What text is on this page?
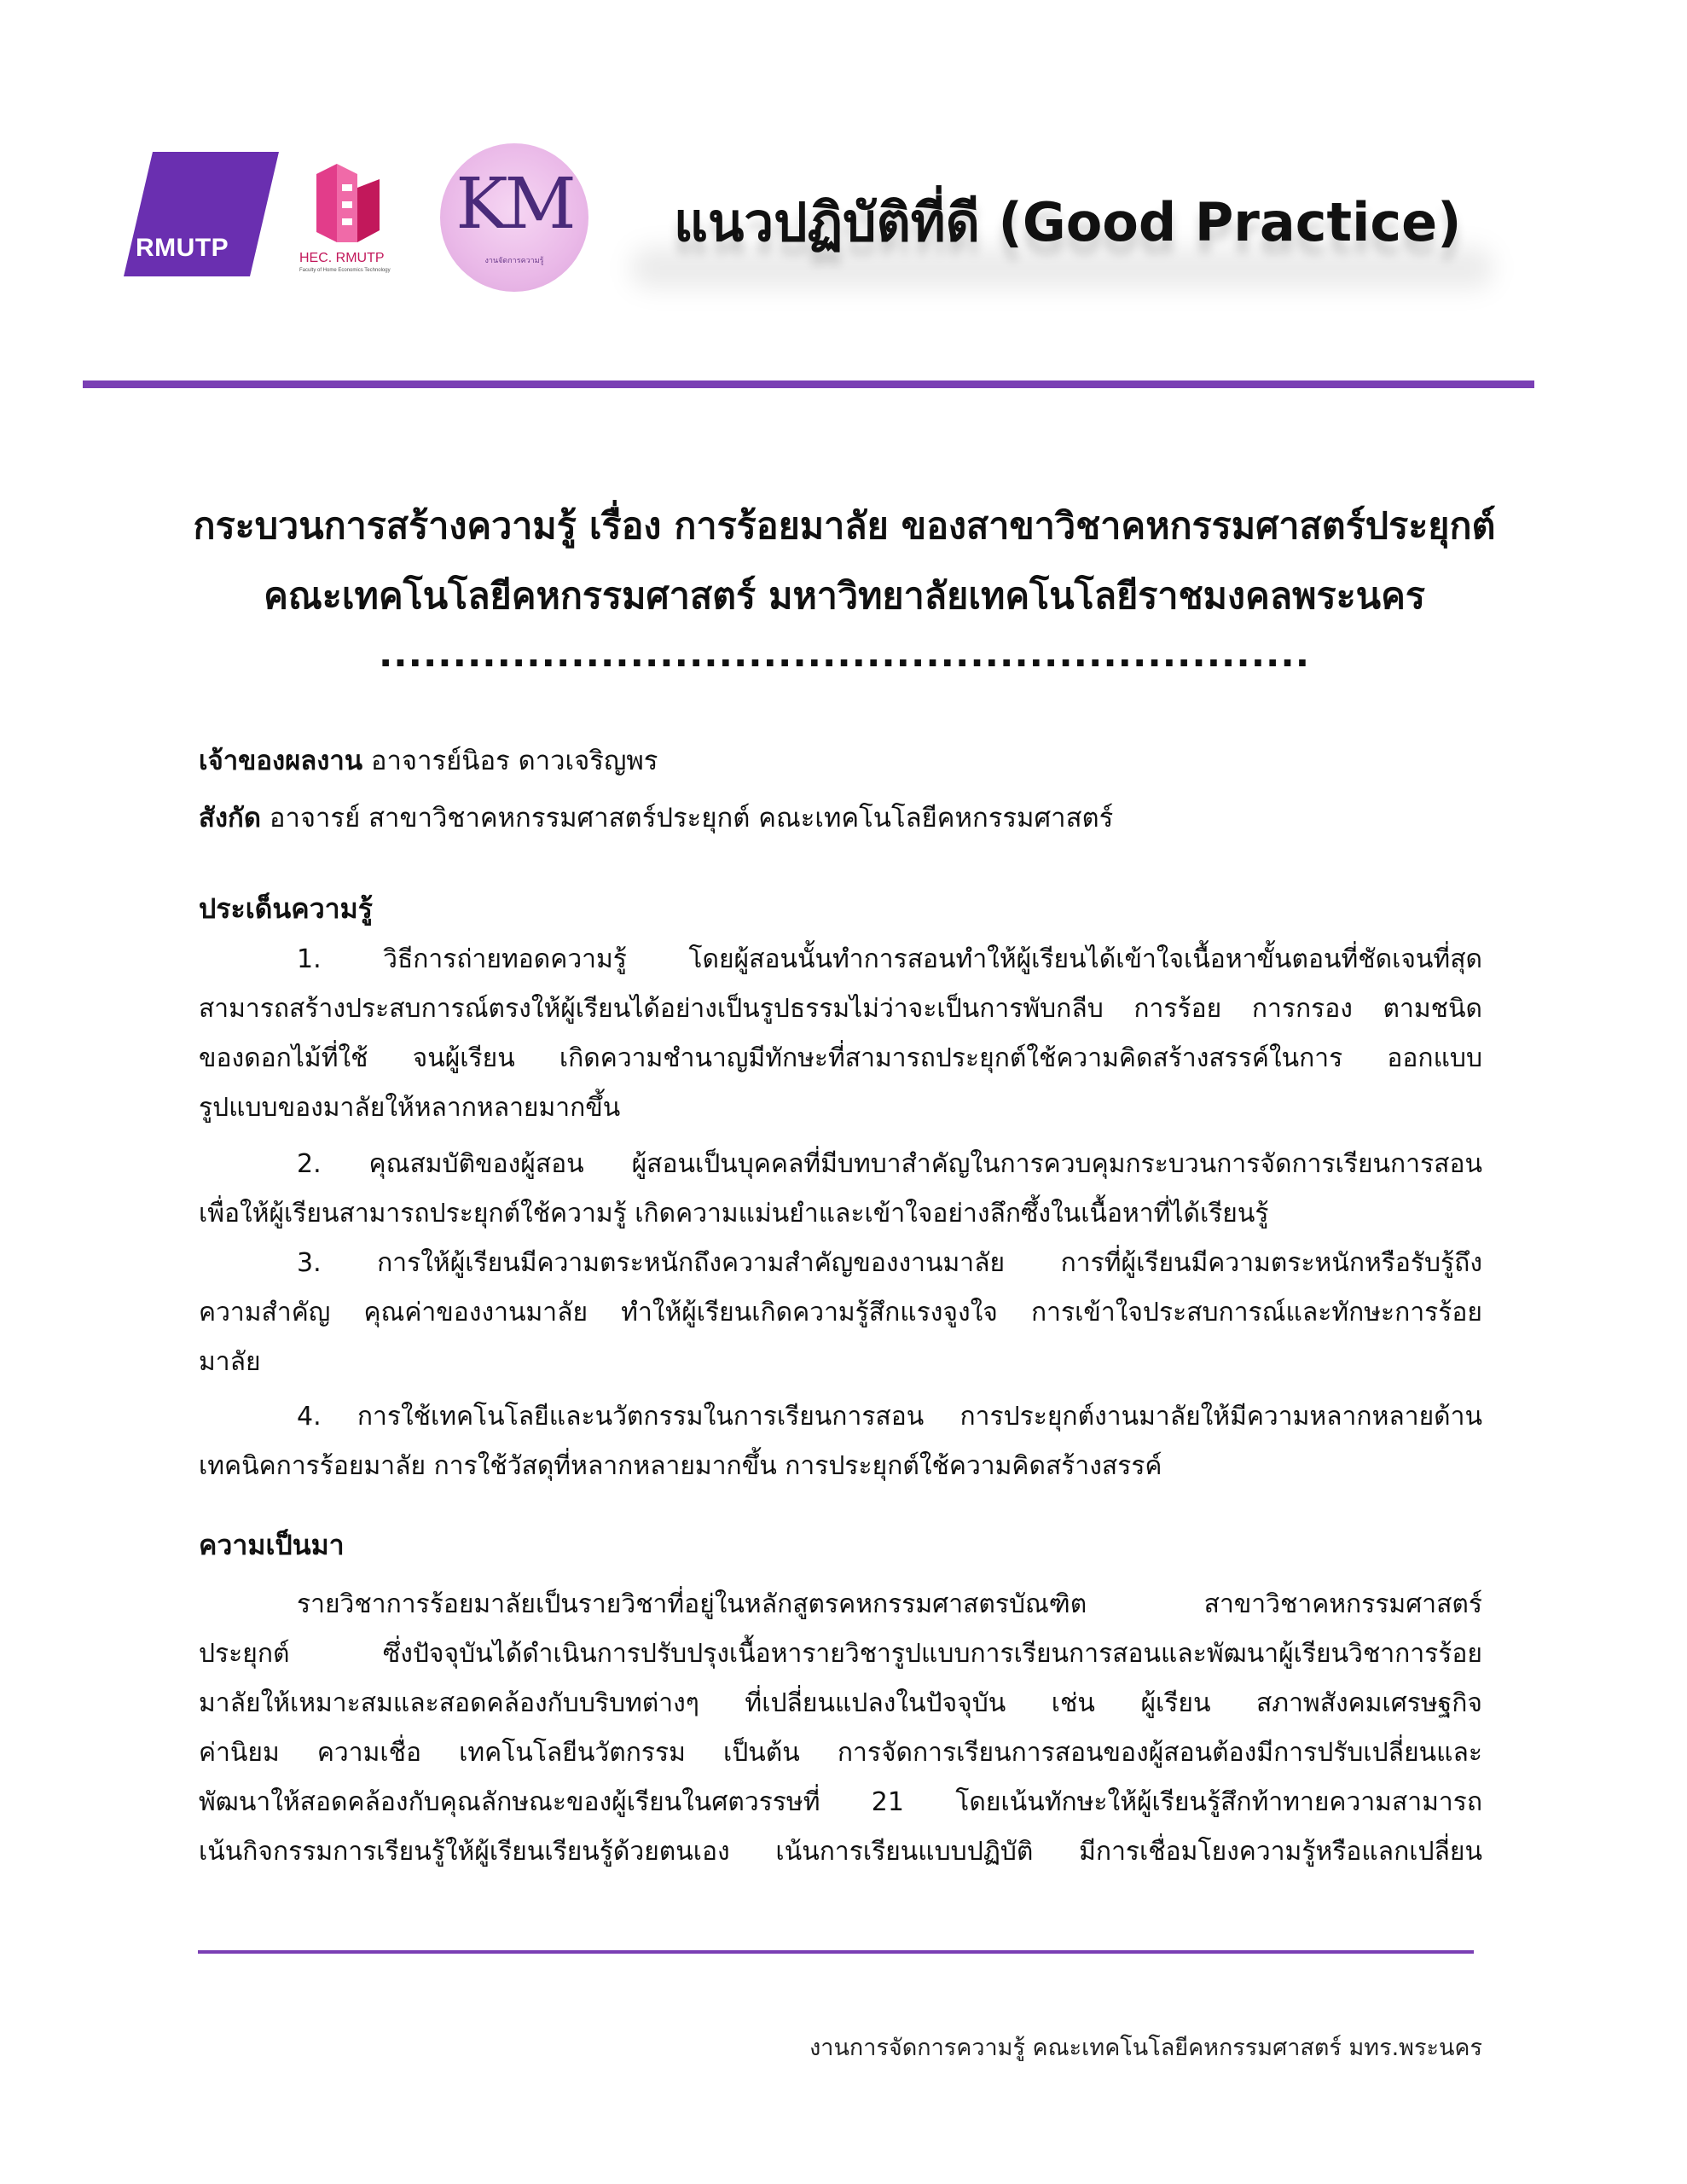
RMUTP	HEC. RMUTP
Faculty of Home Economics Technology
KM
งานจัดการความรู้
แนวปฏิบัติที่ดี (Good Practice)
กระบวนการสร้างความรู้ เรื่อง การร้อยมาลัย ของสาขาวิชาคหกรรมศาสตร์ประยุกต์
คณะเทคโนโลยีคหกรรมศาสตร์ มหาวิทยาลัยเทคโนโลยีราชมงคลพระนคร
...............................................................
เจ้าของผลงาน อาจารย์นิอร ดาวเจริญพร
สังกัด อาจารย์ สาขาวิชาคหกรรมศาสตร์ประยุกต์ คณะเทคโนโลยีคหกรรมศาสตร์
ประเด็นความรู้
1. วิธีการถ่ายทอดความรู้ โดยผู้สอนนั้นทำการสอนทำให้ผู้เรียนได้เข้าใจเนื้อหาขั้นตอนที่ชัดเจนที่สุด
สามารถสร้างประสบการณ์ตรงให้ผู้เรียนได้อย่างเป็นรูปธรรมไม่ว่าจะเป็นการพับกลีบ การร้อย การกรอง ตามชนิด
ของดอกไม้ที่ใช้ จนผู้เรียน เกิดความชำนาญมีทักษะที่สามารถประยุกต์ใช้ความคิดสร้างสรรค์ในการ ออกแบบ
รูปแบบของมาลัยให้หลากหลายมากขึ้น
2. คุณสมบัติของผู้สอน ผู้สอนเป็นบุคคลที่มีบทบาสำคัญในการควบคุมกระบวนการจัดการเรียนการสอน
เพื่อให้ผู้เรียนสามารถประยุกต์ใช้ความรู้ เกิดความแม่นยำและเข้าใจอย่างลึกซึ้งในเนื้อหาที่ได้เรียนรู้
3. การให้ผู้เรียนมีความตระหนักถึงความสำคัญของงานมาลัย การที่ผู้เรียนมีความตระหนักหรือรับรู้ถึง
ความสำคัญ คุณค่าของงานมาลัย ทำให้ผู้เรียนเกิดความรู้สึกแรงจูงใจ การเข้าใจประสบการณ์และทักษะการร้อย
มาลัย
4. การใช้เทคโนโลยีและนวัตกรรมในการเรียนการสอน การประยุกต์งานมาลัยให้มีความหลากหลายด้าน
เทคนิคการร้อยมาลัย การใช้วัสดุที่หลากหลายมากขึ้น การประยุกต์ใช้ความคิดสร้างสรรค์
ความเป็นมา
รายวิชาการร้อยมาลัยเป็นรายวิชาที่อยู่ในหลักสูตรคหกรรมศาสตรบัณฑิต สาขาวิชาคหกรรมศาสตร์
ประยุกต์ ซึ่งปัจจุบันได้ดำเนินการปรับปรุงเนื้อหารายวิชารูปแบบการเรียนการสอนและพัฒนาผู้เรียนวิชาการร้อย
มาลัยให้เหมาะสมและสอดคล้องกับบริบทต่างๆ ที่เปลี่ยนแปลงในปัจจุบัน เช่น ผู้เรียน สภาพสังคมเศรษฐกิจ
ค่านิยม ความเชื่อ เทคโนโลยีนวัตกรรม เป็นต้น การจัดการเรียนการสอนของผู้สอนต้องมีการปรับเปลี่ยนและ
พัฒนาให้สอดคล้องกับคุณลักษณะของผู้เรียนในศตวรรษที่ 21 โดยเน้นทักษะให้ผู้เรียนรู้สึกท้าทายความสามารถ
เน้นกิจกรรมการเรียนรู้ให้ผู้เรียนเรียนรู้ด้วยตนเอง เน้นการเรียนแบบปฏิบัติ มีการเชื่อมโยงความรู้หรือแลกเปลี่ยน
งานการจัดการความรู้ คณะเทคโนโลยีคหกรรมศาสตร์ มทร.พระนคร
